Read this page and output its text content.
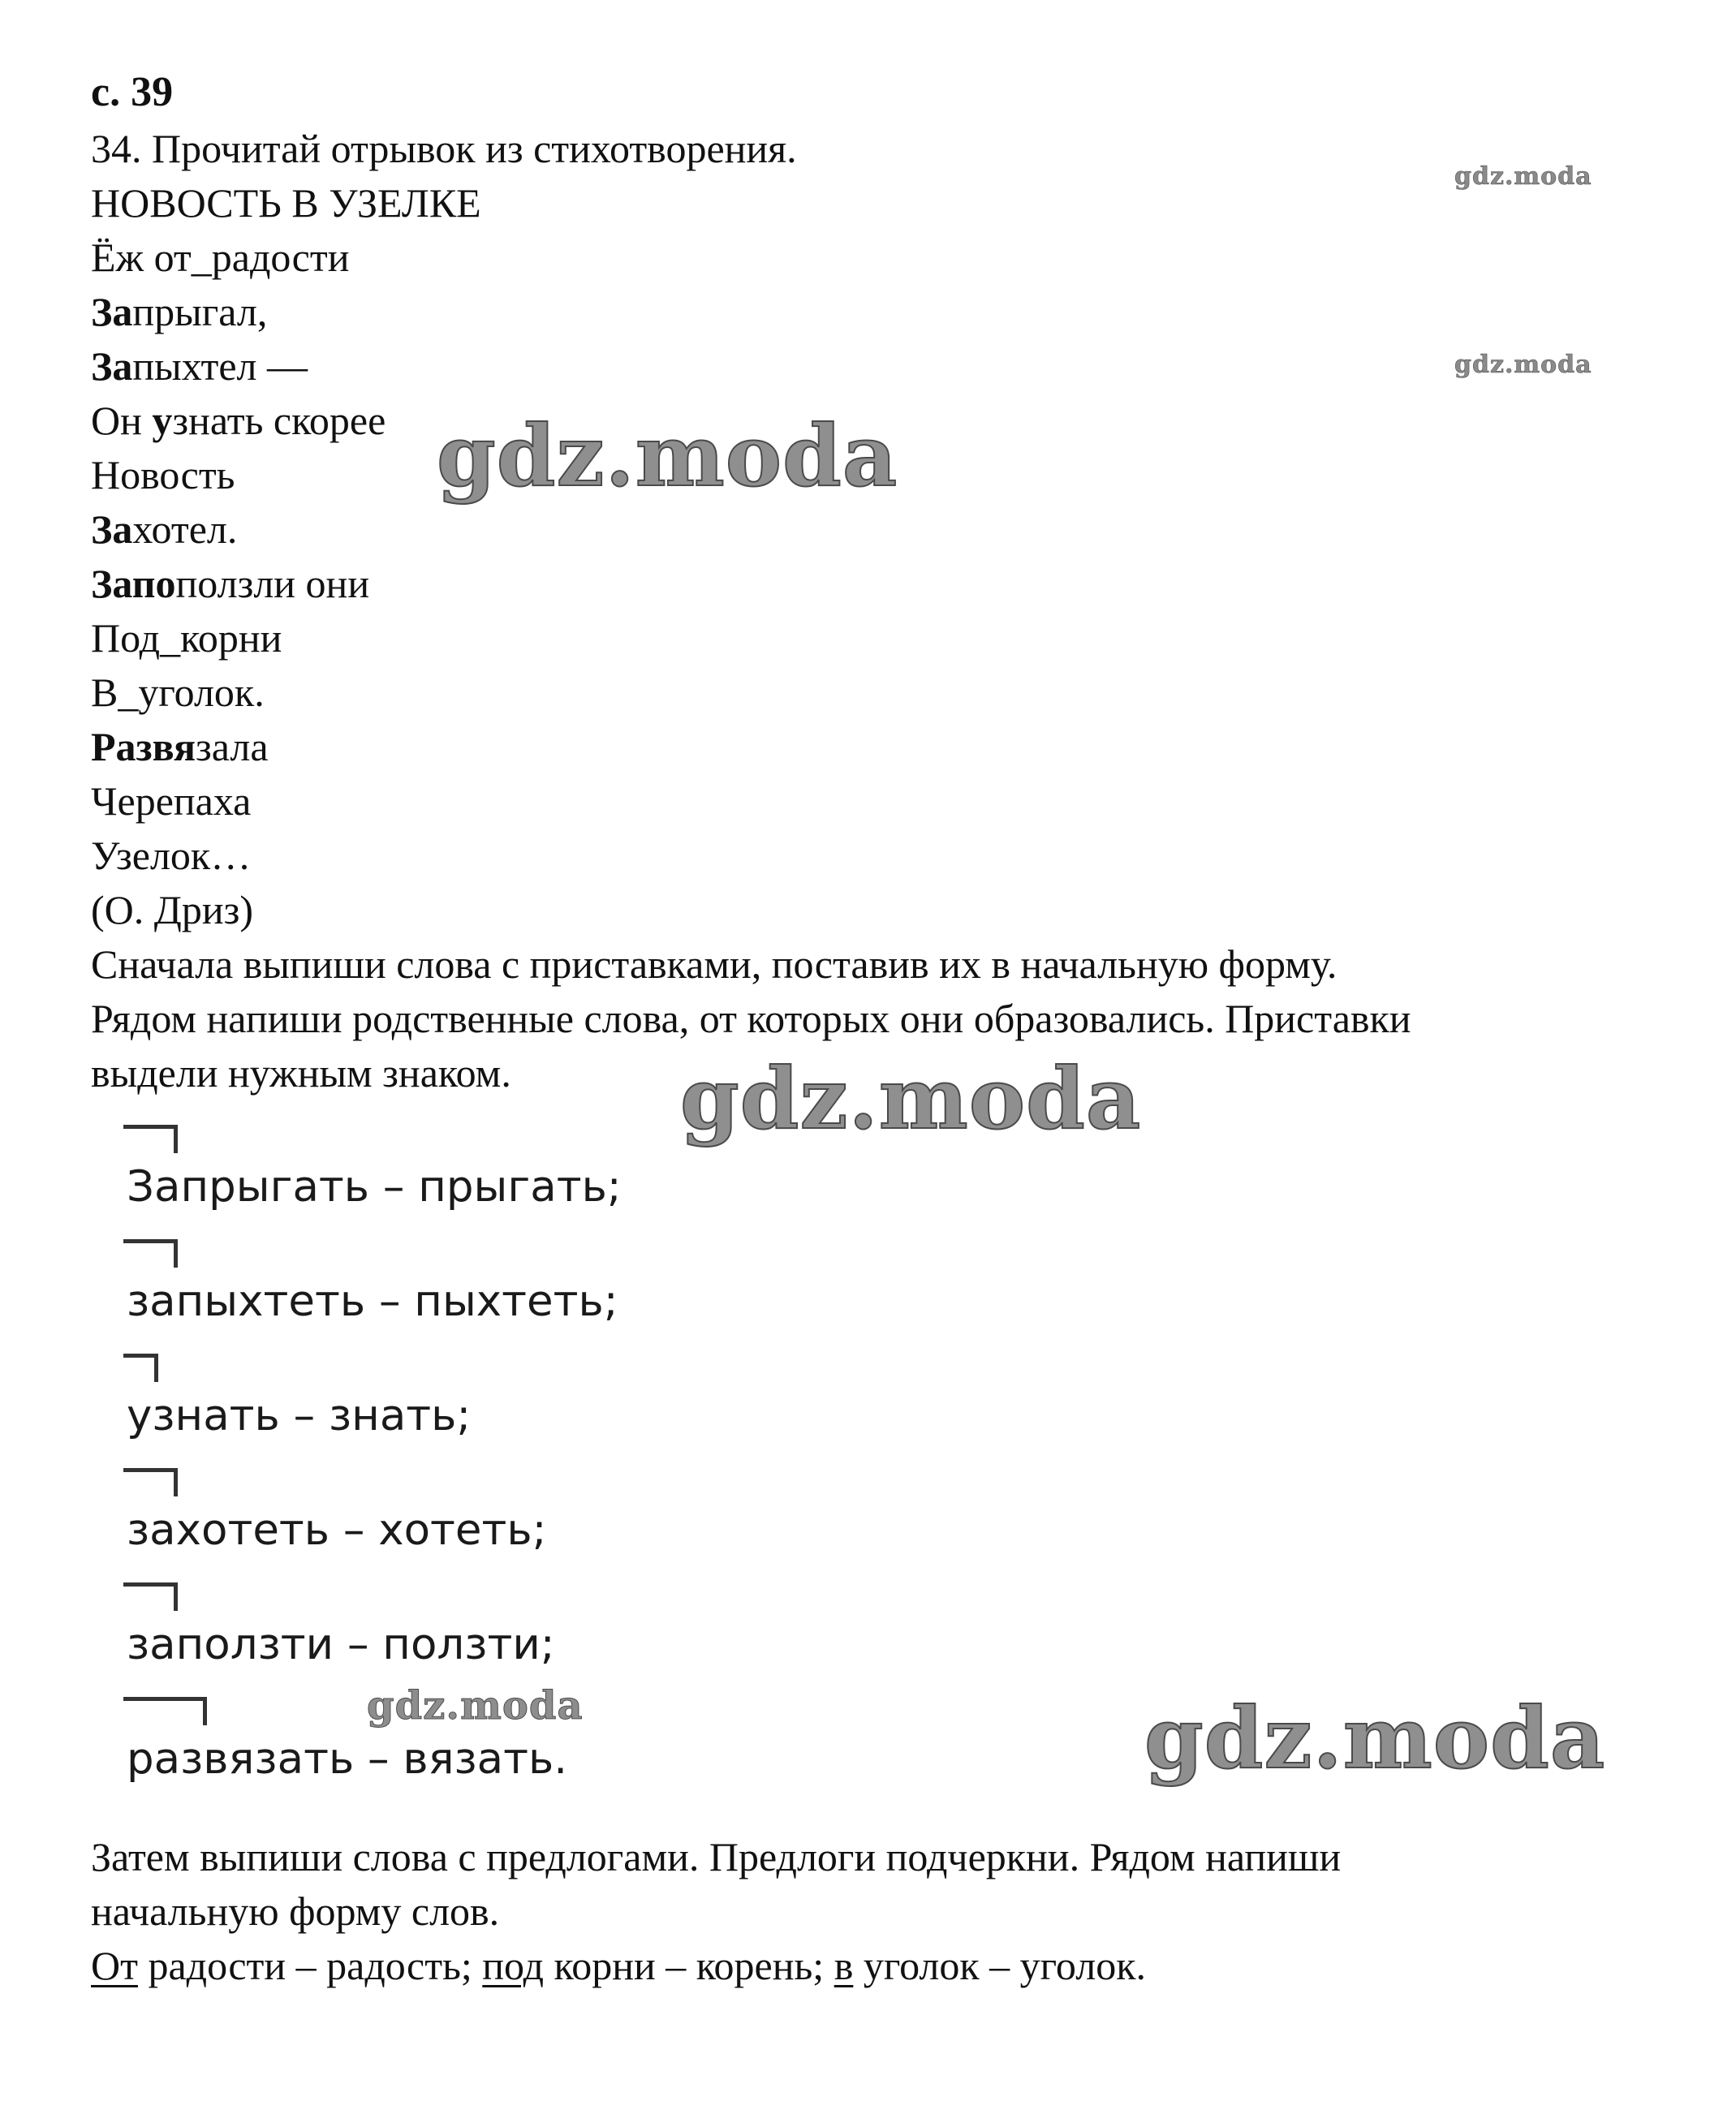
с. 39
34. Прочитай отрывок из стихотворения.
НОВОСТЬ В УЗЕЛКЕ
Ёж от_радости
Запрыгал,
Запыхтел —
Он узнать скорее
Новость
Захотел.
Запоползли они
Под_корни
В_уголок.
Развязала
Черепаха
Узелок…
(О. Дриз)
Сначала выпиши слова с приставками, поставив их в начальную форму.
Рядом напиши родственные слова, от которых они образовались. Приставки
выдели нужным знаком.
Запрыгать – прыгать;
запыхтеть – пыхтеть;
узнать – знать;
захотеть – хотеть;
заползти – ползти;
развязать – вязать.
Затем выпиши слова с предлогами. Предлоги подчеркни. Рядом напиши
начальную форму слов.
От радости – радость; под корни – корень; в уголок – уголок.
gdz.moda
gdz.moda
gdz.moda
gdz.moda
gdz.moda	gdz.moda
